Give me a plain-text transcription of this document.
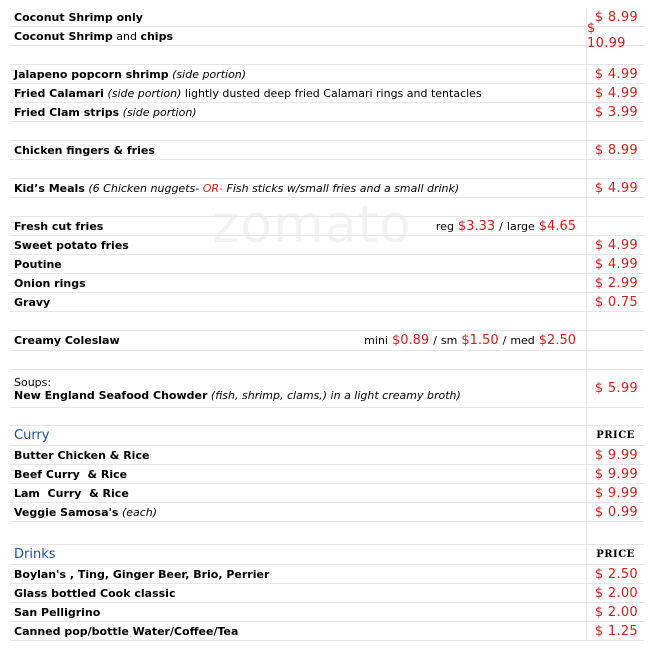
zomato
Coconut Shrimp only	$ 8.99
Coconut Shrimp and chips	$ 10.99
Jalapeno popcorn shrimp
(side portion)	$ 4.99
Fried Calamari
(side portion)
lightly dusted deep fried Calamari rings and tentacles	$ 4.99
Fried Clam strips
(side portion)	$ 3.99
Chicken fingers & fries	$ 8.99
Kid’s Meals
(6 Chicken nuggets- OR- Fish sticks w/small fries and a small drink)	$ 4.99
Fresh cut fries	reg $3.33 / large $4.65
Sweet potato fries	$ 4.99
Poutine	$ 4.99
Onion rings	$ 2.99
Gravy	$ 0.75
Creamy Coleslaw	mini $0.89 / sm $1.50 / med $2.50
Soups:
New England Seafood Chowder (fish, shrimp, clams,) in a light creamy broth)	$ 5.99
Curry	PRICE
Butter Chicken & Rice	$ 9.99
Beef Curry  & Rice	$ 9.99
Lam  Curry  & Rice	$ 9.99
Veggie Samosa's
(each)	$ 0.99
Drinks	PRICE
Boylan's , Ting, Ginger Beer, Brio, Perrier	$ 2.50
Glass bottled Cook classic	$ 2.00
San Pelligrino	$ 2.00
Canned pop/bottle Water/Coffee/Tea	$ 1.25
